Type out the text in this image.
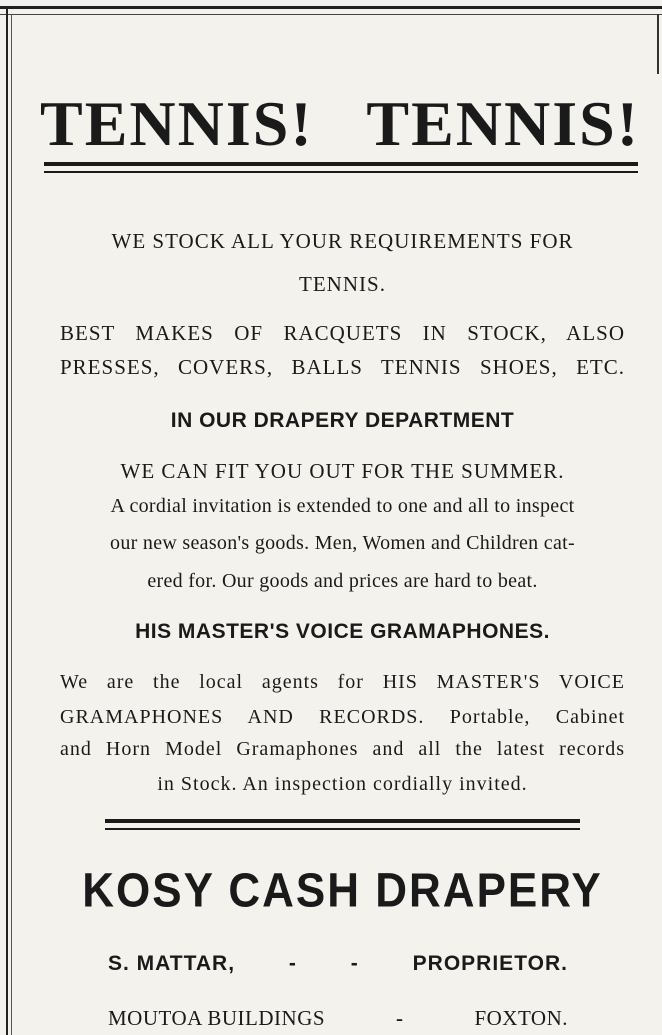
TENNIS! TENNIS!
WE STOCK ALL YOUR REQUIREMENTS FOR
TENNIS.
BEST MAKES OF RACQUETS IN STOCK, ALSO
PRESSES, COVERS, BALLS TENNIS SHOES, ETC.
IN OUR DRAPERY DEPARTMENT
WE CAN FIT YOU OUT FOR THE SUMMER.
A cordial invitation is extended to one and all to inspect
our new season's goods. Men, Women and Children cat-
ered for. Our goods and prices are hard to beat.
HIS MASTER'S VOICE GRAMAPHONES.
We are the local agents for HIS MASTER'S VOICE
GRAMAPHONES AND RECORDS. Portable, Cabinet
and Horn Model Gramaphones and all the latest records
in Stock. An inspection cordially invited.
KOSY CASH DRAPERY
S. MATTAR,	-	-	PROPRIETOR.
MOUTOA BUILDINGS	-	FOXTON.
